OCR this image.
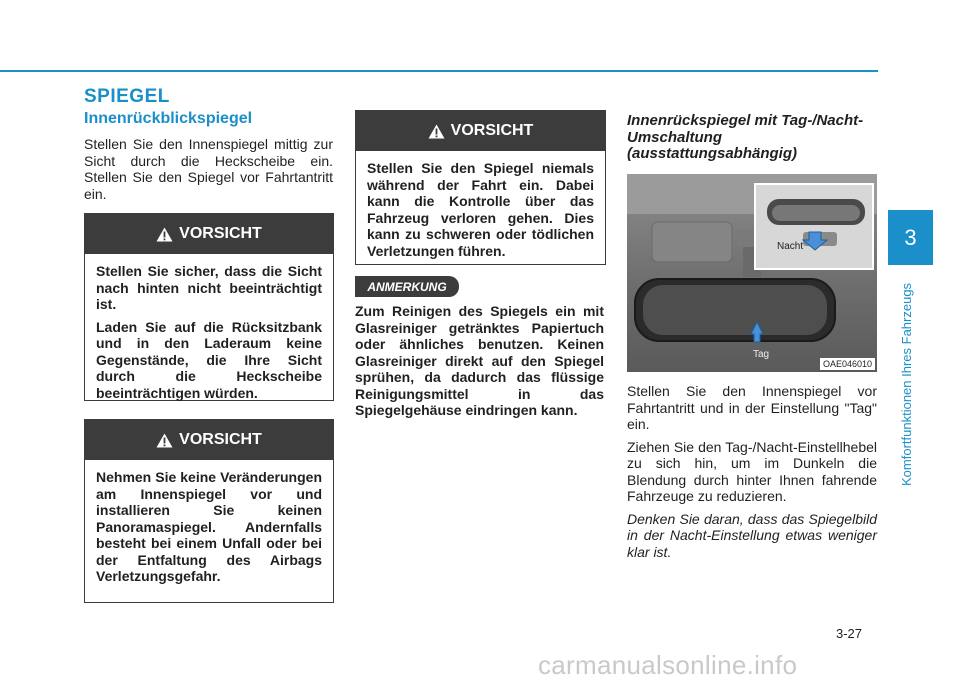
SPIEGEL
Innenrückblickspiegel
Stellen Sie den Innenspiegel mittig zur Sicht durch die Heckscheibe ein. Stellen Sie den Spiegel vor Fahrtantritt ein.
VORSICHT

Stellen Sie sicher, dass die Sicht nach hinten nicht beeinträchtigt ist.

Laden Sie auf die Rücksitzbank und in den Laderaum keine Gegenstände, die Ihre Sicht durch die Heckscheibe beeinträchtigen würden.

VORSICHT

Nehmen Sie keine Veränderungen am Innenspiegel vor und installieren Sie keinen Panoramaspiegel. Andernfalls besteht bei einem Unfall oder bei der Entfaltung des Airbags Verletzungsgefahr.

VORSICHT

Stellen Sie den Spiegel niemals während der Fahrt ein. Dabei kann die Kontrolle über das Fahrzeug verloren gehen. Dies kann zu schweren oder tödlichen Verletzungen führen.

ANMERKUNG
Zum Reinigen des Spiegels ein mit Glasreiniger getränktes Papiertuch oder ähnliches benutzen. Keinen Glasreiniger direkt auf den Spiegel sprühen, da dadurch das flüssige Reinigungsmittel in das Spiegelgehäuse eindringen kann.
Innenrückspiegel mit Tag-/Nacht-Umschaltung (ausstattungsabhängig)
Nacht
Tag
OAE046010

Stellen Sie den Innenspiegel vor Fahrtantritt und in der Einstellung "Tag" ein.

Ziehen Sie den Tag-/Nacht-Einstellhebel zu sich hin, um im Dunkeln die Blendung durch hinter Ihnen fahrende Fahrzeuge zu reduzieren.

Denken Sie daran, dass das Spiegelbild in der Nacht-Einstellung etwas weniger klar ist.

3
Komfortfunktionen Ihres Fahrzeugs
3-27
carmanualsonline.info
